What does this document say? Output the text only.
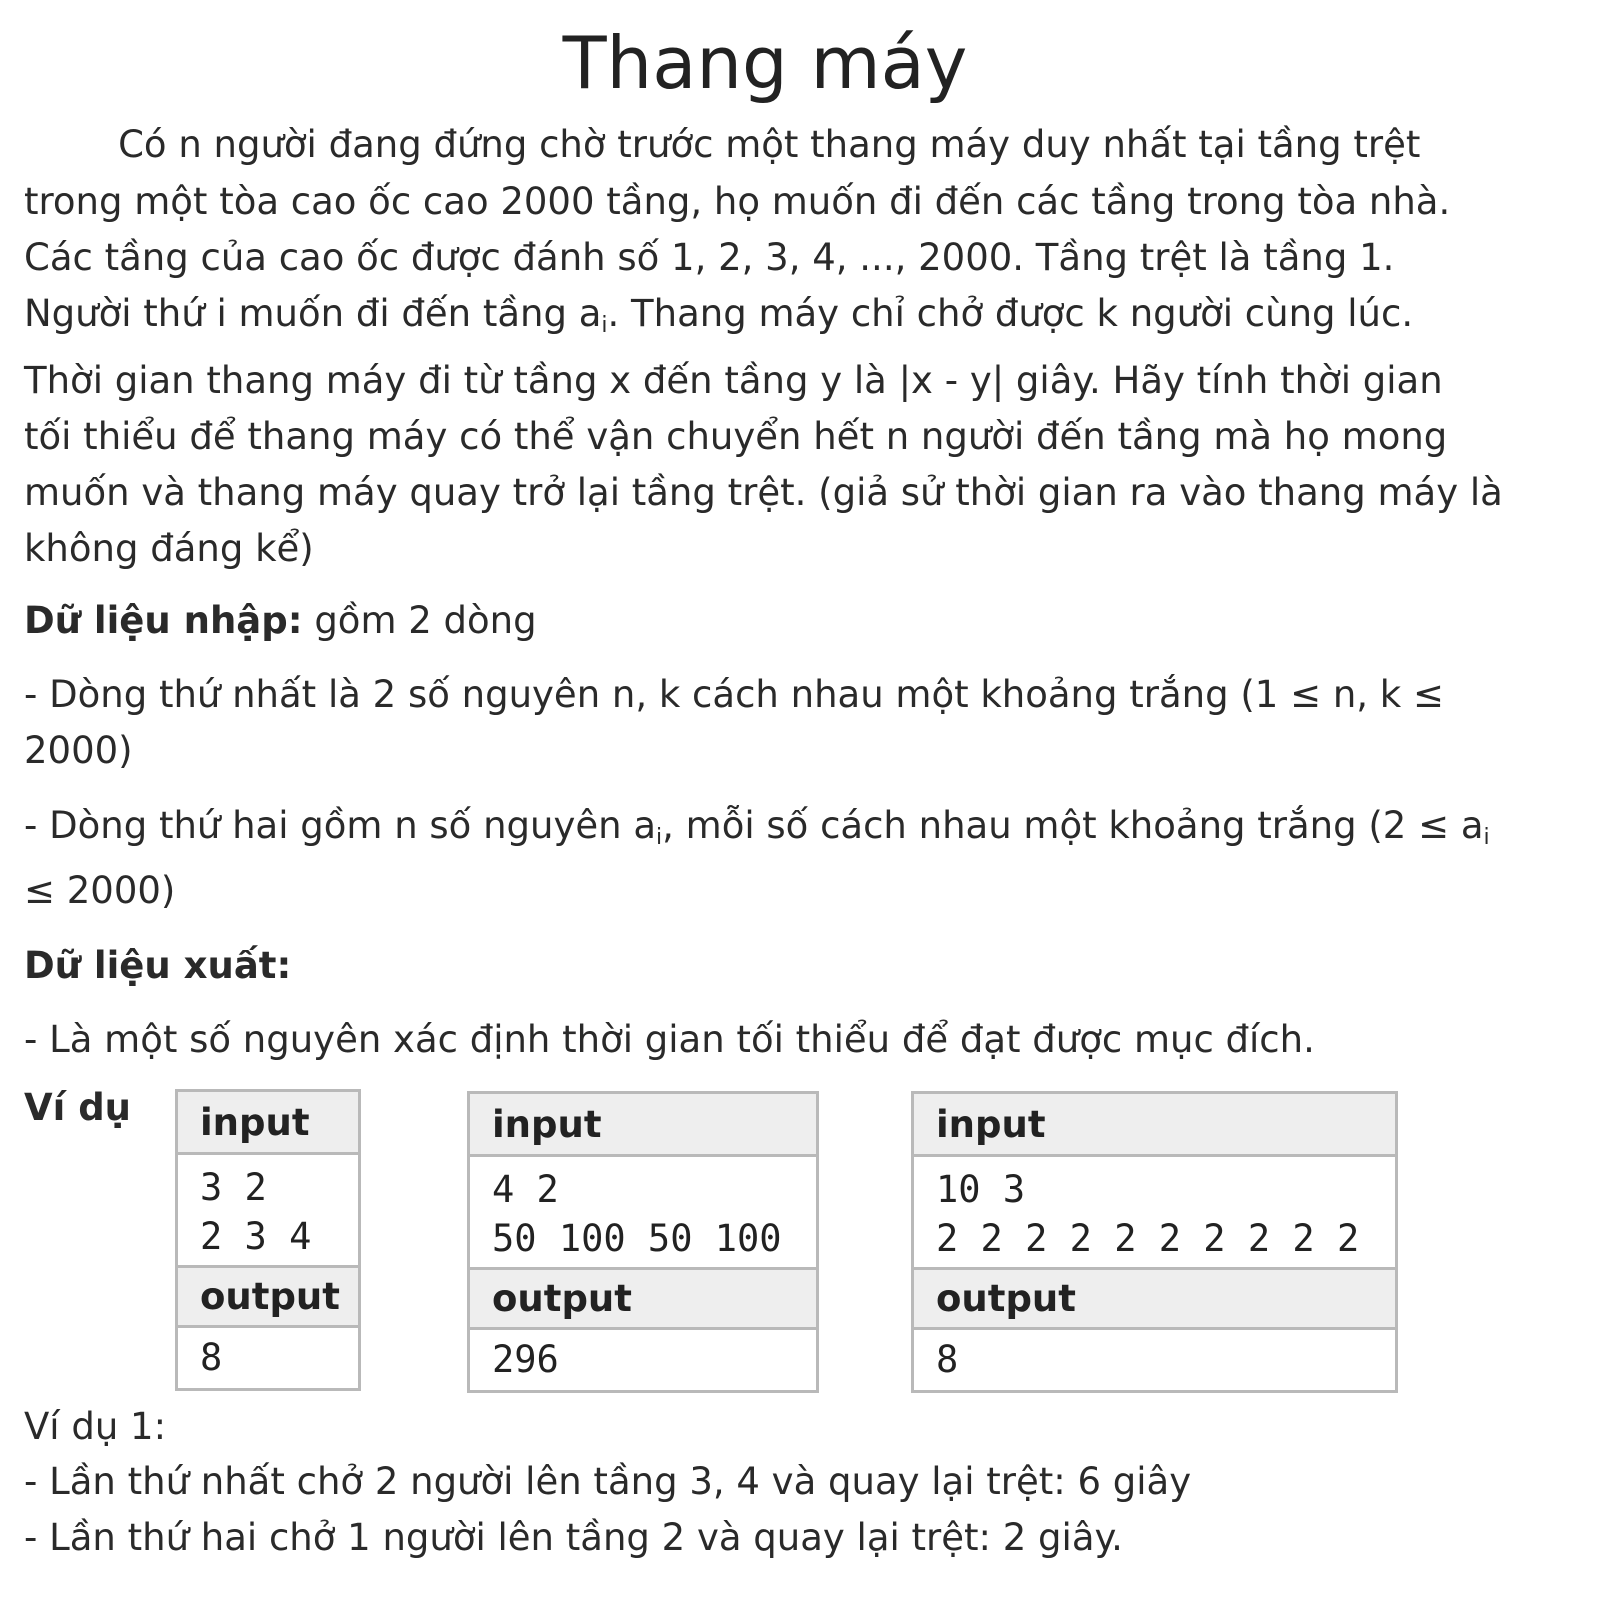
Thang máy

Có n người đang đứng chờ trước một thang máy duy nhất tại tầng trệt

trong một tòa cao ốc cao 2000 tầng, họ muốn đi đến các tầng trong tòa nhà.

Các tầng của cao ốc được đánh số 1, 2, 3, 4, ..., 2000. Tầng trệt là tầng 1.

Người thứ i muốn đi đến tầng $a_i$. Thang máy chỉ chở được k người cùng lúc.

Thời gian thang máy đi từ tầng x đến tầng y là |x - y| giây. Hãy tính thời gian

tối thiểu để thang máy có thể vận chuyển hết n người đến tầng mà họ mong

muốn và thang máy quay trở lại tầng trệt. (giả sử thời gian ra vào thang máy là

không đáng kể)

Dữ liệu nhập: gồm 2 dòng

- Dòng thứ nhất là 2 số nguyên n, k cách nhau một khoảng trắng (1 ≤ n, k ≤

2000)

- Dòng thứ hai gồm n số nguyên $a_i$, mỗi số cách nhau một khoảng trắng ($2 \le a_i$

≤ 2000)

Dữ liệu xuất:

- Là một số nguyên xác định thời gian tối thiểu để đạt được mục đích.

Ví dụ	input
3 2
2 3 4
output
8
input
4 2
50 100 50 100
output
296
input
10 3
2 2 2 2 2 2 2 2 2 2
output
8

Ví dụ 1:

- Lần thứ nhất chở 2 người lên tầng 3, 4 và quay lại trệt: 6 giây

- Lần thứ hai chở 1 người lên tầng 2 và quay lại trệt: 2 giây.
